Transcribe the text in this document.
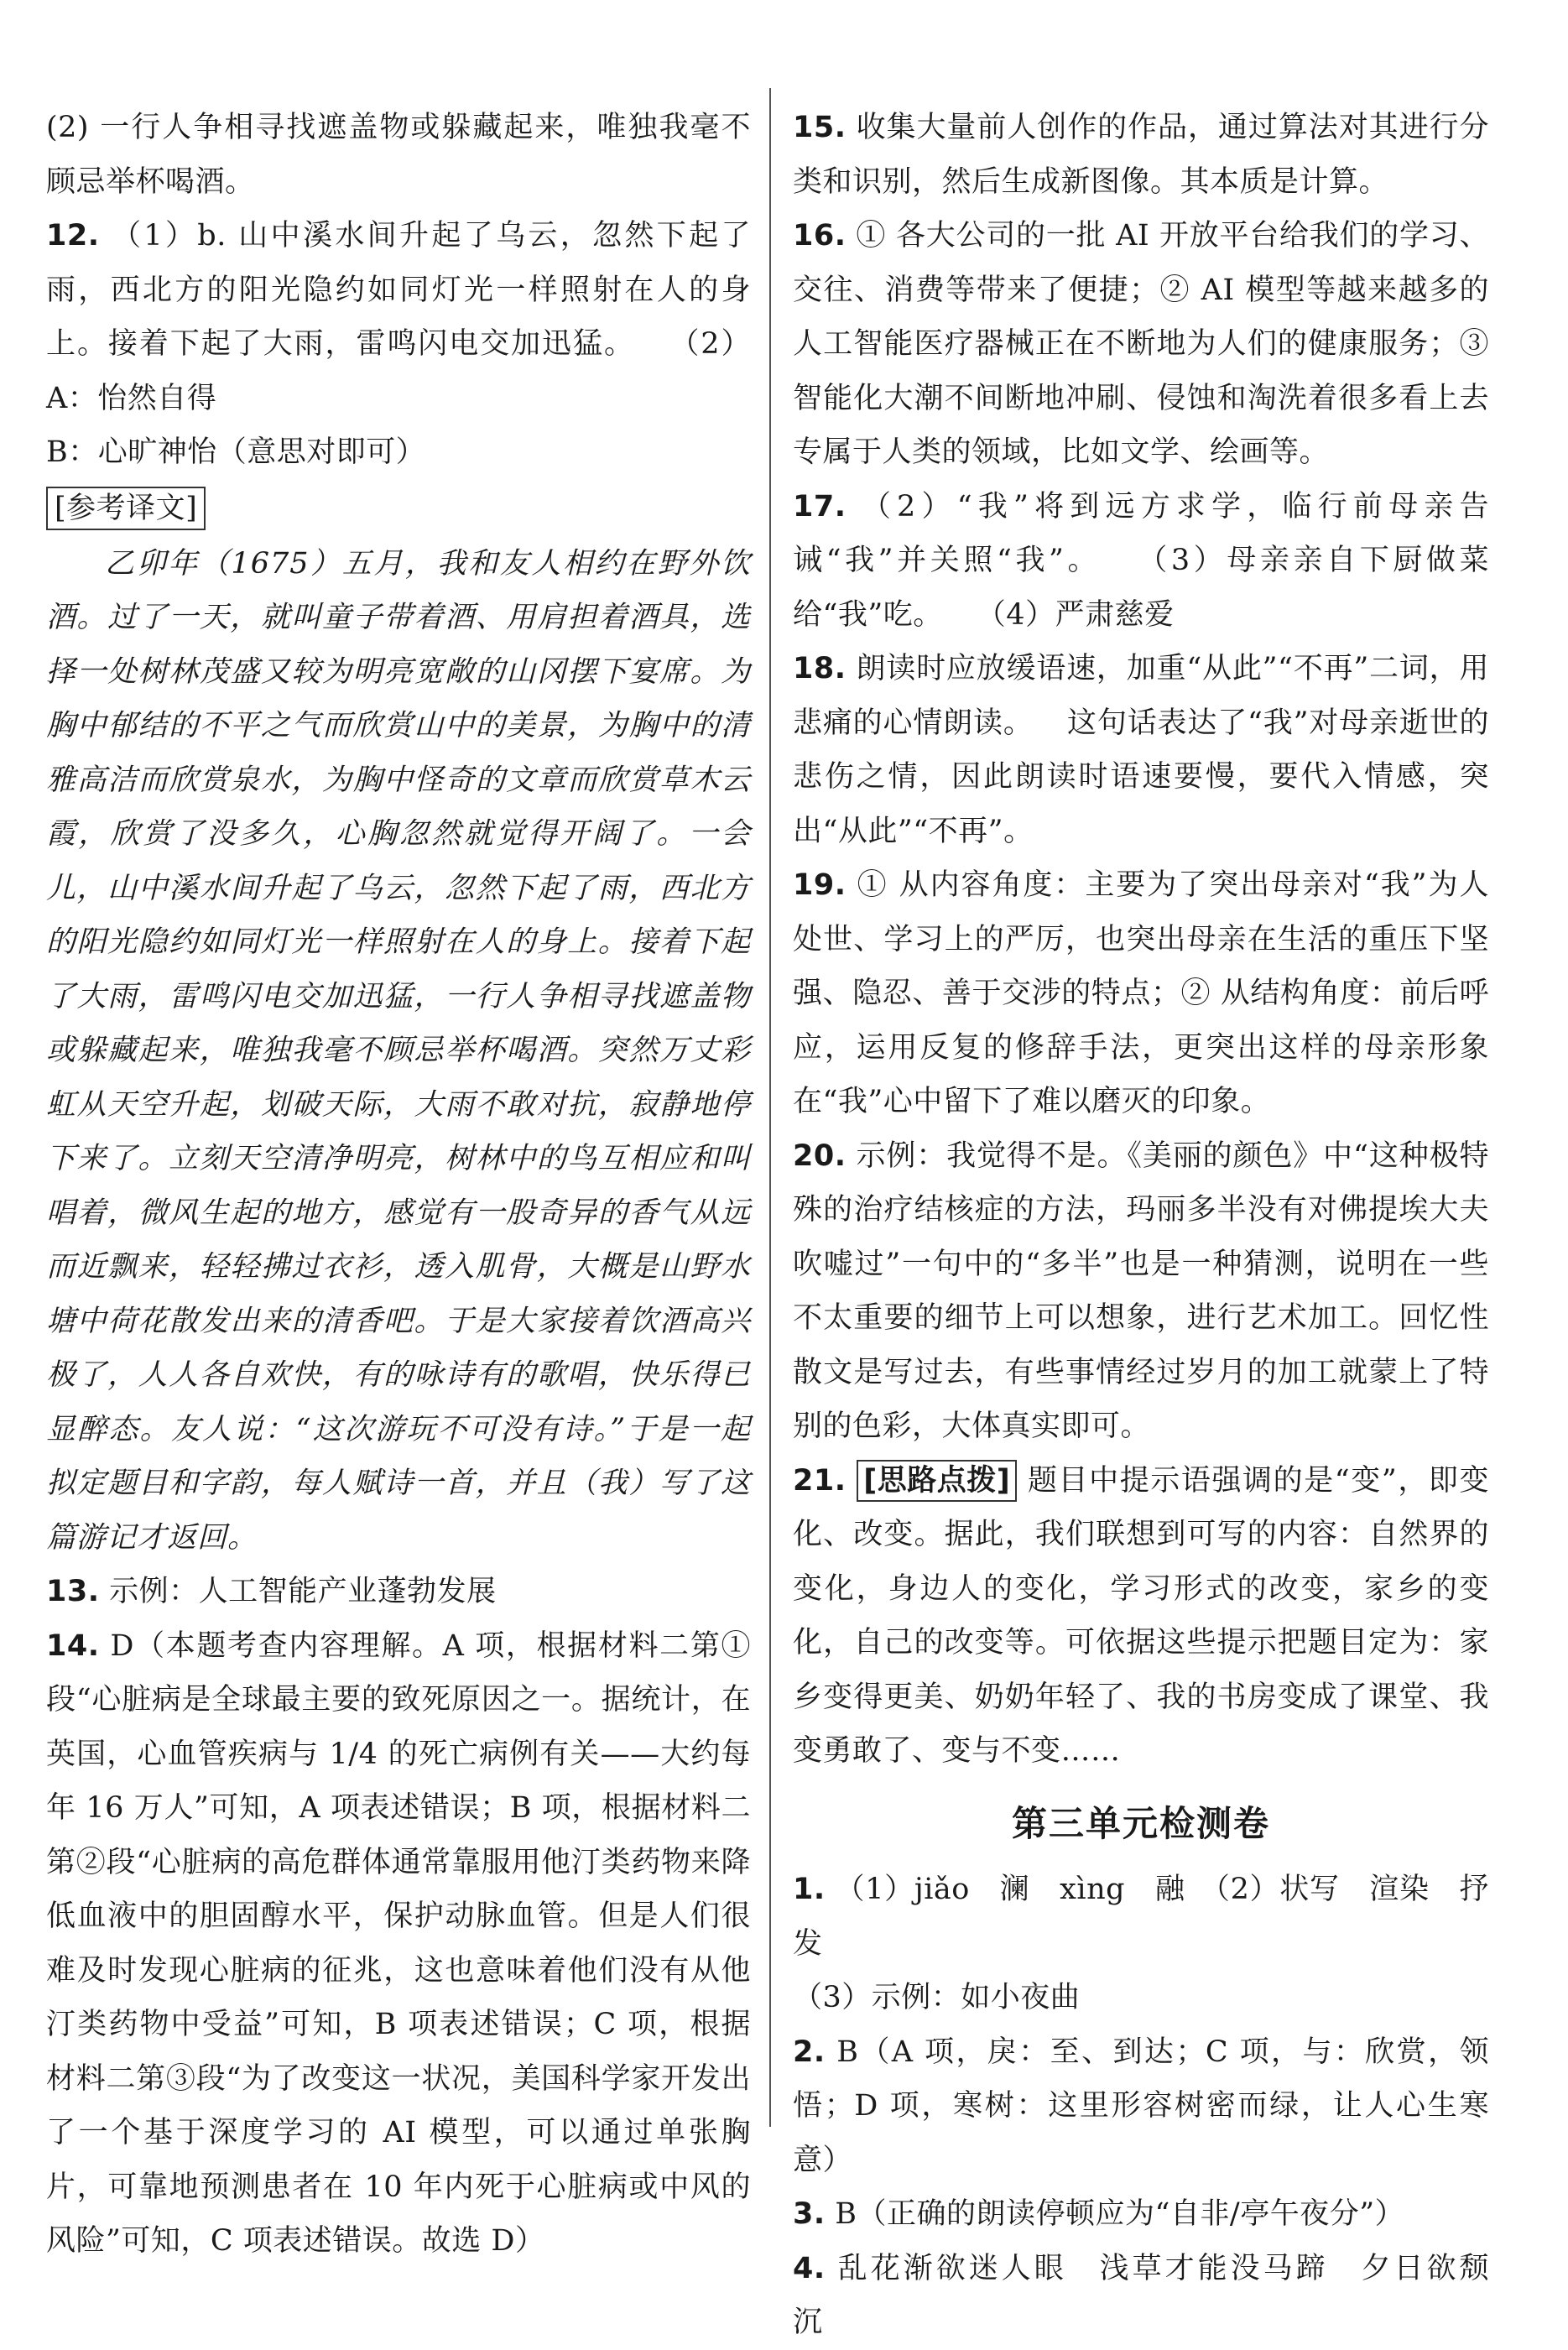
(2) 一行人争相寻找遮盖物或躲藏起来，唯独我毫不顾忌举杯喝酒。

12. （1）b. 山中溪水间升起了乌云，忽然下起了雨，西北方的阳光隐约如同灯光一样照射在人的身上。接着下起了大雨，雷鸣闪电交加迅猛。 （2）A：怡然自得

B：心旷神怡（意思对即可）

[参考译文]

乙卯年（1675）五月，我和友人相约在野外饮酒。过了一天，就叫童子带着酒、用肩担着酒具，选择一处树林茂盛又较为明亮宽敞的山冈摆下宴席。为胸中郁结的不平之气而欣赏山中的美景，为胸中的清雅高洁而欣赏泉水，为胸中怪奇的文章而欣赏草木云霞，欣赏了没多久，心胸忽然就觉得开阔了。一会儿，山中溪水间升起了乌云，忽然下起了雨，西北方的阳光隐约如同灯光一样照射在人的身上。接着下起了大雨，雷鸣闪电交加迅猛，一行人争相寻找遮盖物或躲藏起来，唯独我毫不顾忌举杯喝酒。突然万丈彩虹从天空升起，划破天际，大雨不敢对抗，寂静地停下来了。立刻天空清净明亮，树林中的鸟互相应和叫唱着，微风生起的地方，感觉有一股奇异的香气从远而近飘来，轻轻拂过衣衫，透入肌骨，大概是山野水塘中荷花散发出来的清香吧。于是大家接着饮酒高兴极了，人人各自欢快，有的咏诗有的歌唱，快乐得已显醉态。友人说：“这次游玩不可没有诗。”于是一起拟定题目和字韵，每人赋诗一首，并且（我）写了这篇游记才返回。

13. 示例：人工智能产业蓬勃发展

14. D（本题考查内容理解。A 项，根据材料二第①段“心脏病是全球最主要的致死原因之一。据统计，在英国，心血管疾病与 1/4 的死亡病例有关——大约每年 16 万人”可知，A 项表述错误；B 项，根据材料二第②段“心脏病的高危群体通常靠服用他汀类药物来降低血液中的胆固醇水平，保护动脉血管。但是人们很难及时发现心脏病的征兆，这也意味着他们没有从他汀类药物中受益”可知，B 项表述错误；C 项，根据材料二第③段“为了改变这一状况，美国科学家开发出了一个基于深度学习的 AI 模型，可以通过单张胸片，可靠地预测患者在 10 年内死于心脏病或中风的风险”可知，C 项表述错误。故选 D）

15. 收集大量前人创作的作品，通过算法对其进行分类和识别，然后生成新图像。其本质是计算。

16. ① 各大公司的一批 AI 开放平台给我们的学习、交往、消费等带来了便捷；② AI 模型等越来越多的人工智能医疗器械正在不断地为人们的健康服务；③ 智能化大潮不间断地冲刷、侵蚀和淘洗着很多看上去专属于人类的领域，比如文学、绘画等。

17. （2）“我”将到远方求学，临行前母亲告诫“我”并关照“我”。 （3）母亲亲自下厨做菜给“我”吃。 （4）严肃慈爱

18. 朗读时应放缓语速，加重“从此”“不再”二词，用悲痛的心情朗读。 这句话表达了“我”对母亲逝世的悲伤之情，因此朗读时语速要慢，要代入情感，突出“从此”“不再”。

19. ① 从内容角度：主要为了突出母亲对“我”为人处世、学习上的严厉，也突出母亲在生活的重压下坚强、隐忍、善于交涉的特点；② 从结构角度：前后呼应，运用反复的修辞手法，更突出这样的母亲形象在“我”心中留下了难以磨灭的印象。

20. 示例：我觉得不是。《美丽的颜色》中“这种极特殊的治疗结核症的方法，玛丽多半没有对佛提埃大夫吹嘘过”一句中的“多半”也是一种猜测，说明在一些不太重要的细节上可以想象，进行艺术加工。回忆性散文是写过去，有些事情经过岁月的加工就蒙上了特别的色彩，大体真实即可。

21. [思路点拨] 题目中提示语强调的是“变”，即变化、改变。据此，我们联想到可写的内容：自然界的变化，身边人的变化，学习形式的改变，家乡的变化，自己的改变等。可依据这些提示把题目定为：家乡变得更美、奶奶年轻了、我的书房变成了课堂、我变勇敢了、变与不变……

第三单元检测卷

1. （1）jiǎo　澜　xìng　融　（2）状写　渲染　抒发

（3）示例：如小夜曲

2. B（A 项，戾：至、到达；C 项，与：欣赏，领悟；D 项，寒树：这里形容树密而绿，让人心生寒意）

3. B（正确的朗读停顿应为“自非/亭午夜分”）

4. 乱花渐欲迷人眼　浅草才能没马蹄　夕日欲颓　沉
